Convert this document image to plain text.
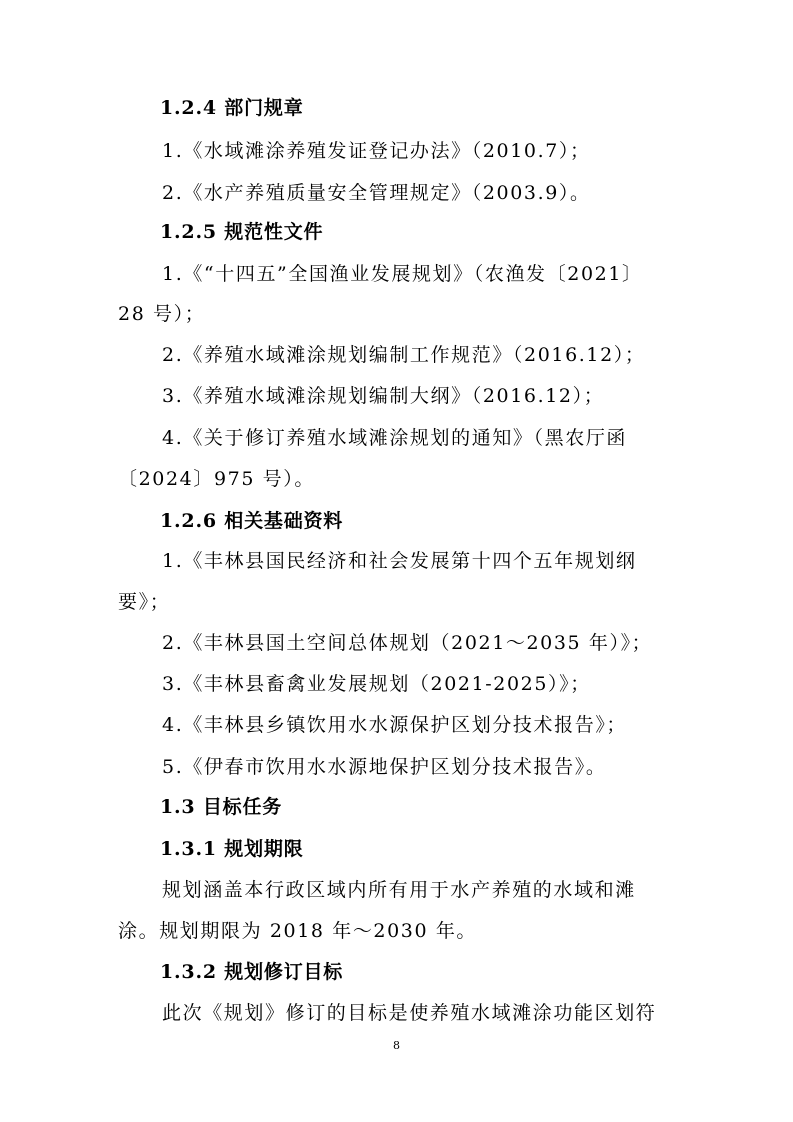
1.2.4 部门规章
1.《水域滩涂养殖发证登记办法》（2010.7）；
2.《水产养殖质量安全管理规定》（2003.9）。
1.2.5 规范性文件
1.《“十四五”全国渔业发展规划》（农渔发〔2021〕
28 号）；
2.《养殖水域滩涂规划编制工作规范》（2016.12）；
3.《养殖水域滩涂规划编制大纲》（2016.12）；
4.《关于修订养殖水域滩涂规划的通知》（黑农厅函
〔2024〕975 号）。
1.2.6 相关基础资料
1.《丰林县国民经济和社会发展第十四个五年规划纲
要》；
2.《丰林县国土空间总体规划（2021～2035 年）》；
3.《丰林县畜禽业发展规划（2021-2025）》；
4.《丰林县乡镇饮用水水源保护区划分技术报告》；
5.《伊春市饮用水水源地保护区划分技术报告》。
1.3 目标任务
1.3.1 规划期限
规划涵盖本行政区域内所有用于水产养殖的水域和滩
涂。规划期限为 2018 年～2030 年。
1.3.2 规划修订目标
此次《规划》修订的目标是使养殖水域滩涂功能区划符
8
